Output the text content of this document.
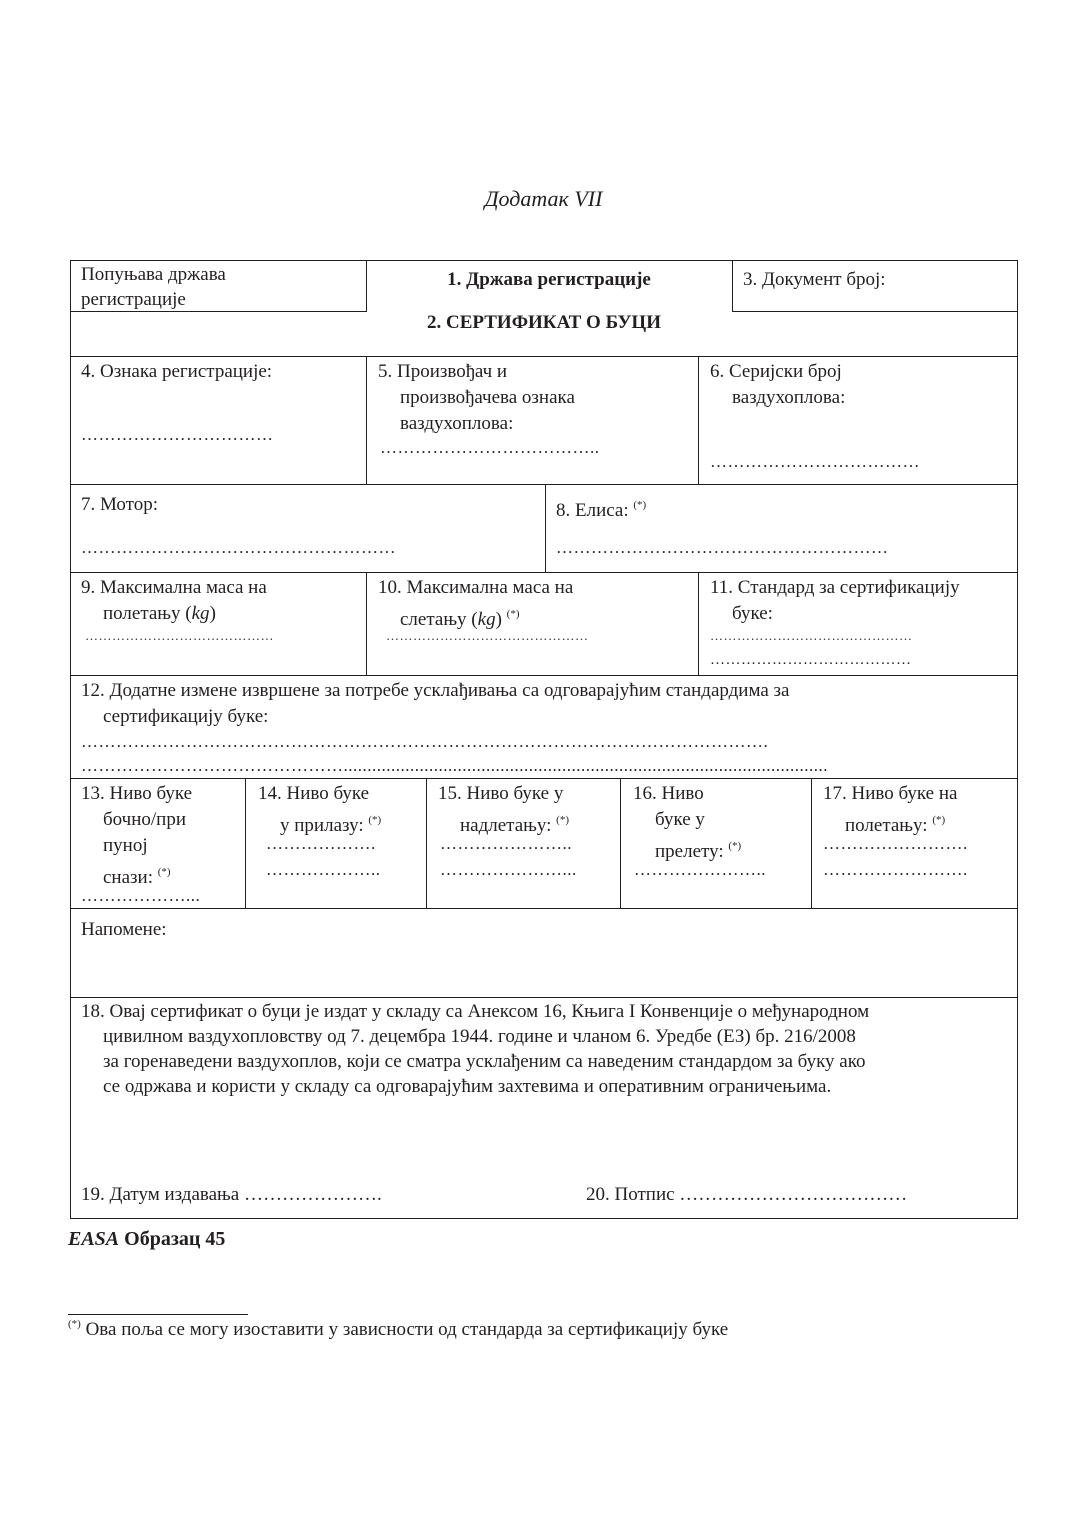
Додатак VII
Попуњава држава
регистрације
1. Држава регистрације	3. Документ број:
2. СЕРТИФИКАТ О БУЦИ
4. Ознака регистрације:
……………………………
5. Произвођач и
произвођачева ознака
ваздухоплова:
………………………………..
6. Серијски број
ваздухоплова:
………………………………
7. Мотор:
………………………………………………
8. Елиса: (*)
…………………………………………………
9. Максимална маса на
полетању (kg)
……………………………………
10. Максимална маса на
слетању (kg) (*)
………………………………………
11. Стандард за сертификацију
буке:
………………………………………
…………………………………
12. Додатне измене извршене за потребе усклађивања са одговарајућим стандардима за
сертификацију буке:
……………………………………………………………………………………………………….
………………………………………......................................................................................................
13. Ниво буке
бочно/при
пуној
снази: (*)
………………...
14. Ниво буке
у прилазу: (*)
……………….
………………..
15. Ниво буке у
надлетању: (*)
…………………..
…………………...
16. Ниво
буке у
прелету: (*)
…………………..
17. Ниво буке на
полетању: (*)
…………………….
…………………….
Напомене:
18. Овај сертификат о буци је издат у складу са Анексом 16, Књига I Конвенције о међународном
цивилном ваздухопловству од 7. децембра 1944. године и чланом 6. Уредбе (ЕЗ) бр. 216/2008
за горенаведени ваздухоплов, који се сматра усклађеним са наведеним стандардом за буку ако
се одржава и користи у складу са одговарајућим захтевима и оперативним ограничењима.
19. Датум издавања ………………….	20. Потпис ………………………………
EASA Образац 45
(*) Ова поља се могу изоставити у зависности од стандарда за сертификацију буке
